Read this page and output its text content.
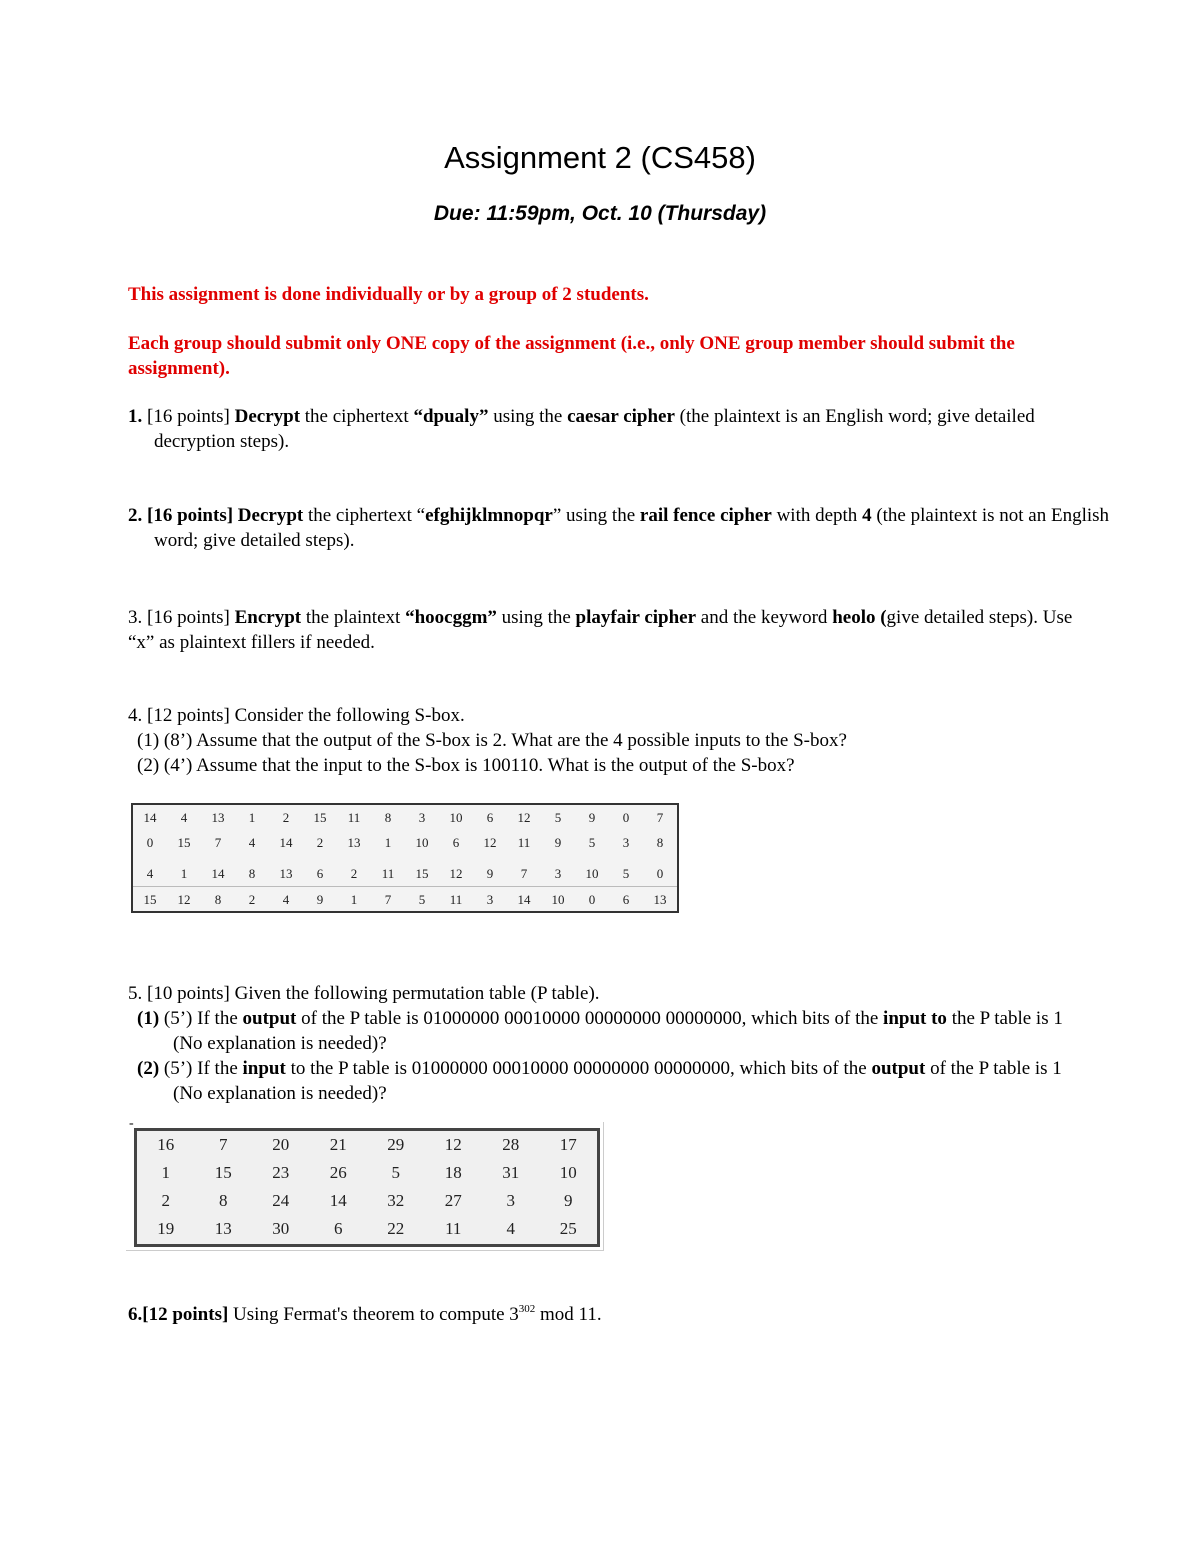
Assignment 2 (CS458)
Due: 11:59pm, Oct. 10 (Thursday)
This assignment is done individually or by a group of 2 students.
Each group should submit only ONE copy of the assignment (i.e., only ONE group member should submit the assignment).
1. [16 points] Decrypt the ciphertext “dpualy” using the caesar cipher (the plaintext is an English word; give detailed decryption steps).
2. [16 points] Decrypt the ciphertext “efghijklmnopqr” using the rail fence cipher with depth 4 (the plaintext is not an English word; give detailed steps).
3. [16 points] Encrypt the plaintext “hoocggm” using the playfair cipher and the keyword heolo (give detailed steps). Use “x” as plaintext fillers if needed.
4. [12 points] Consider the following S-box.
(1) (8’) Assume that the output of the S-box is 2. What are the 4 possible inputs to the S-box?
(2) (4’) Assume that the input to the S-box is 100110. What is the output of the S-box?
14	4	13	1	2	15	11	8	3	10	6	12	5	9	0	7
0	15	7	4	14	2	13	1	10	6	12	11	9	5	3	8
4	1	14	8	13	6	2	11	15	12	9	7	3	10	5	0
15	12	8	2	4	9	1	7	5	11	3	14	10	0	6	13
5. [10 points] Given the following permutation table (P table).
(1) (5’) If the output of the P table is 01000000 00010000 00000000 00000000, which bits of the input to the P table is 1 (No explanation is needed)?
(2) (5’) If the input to the P table is 01000000 00010000 00000000 00000000, which bits of the output of the P table is 1 (No explanation is needed)?
-
16	7	20	21	29	12	28	17
1	15	23	26	5	18	31	10
2	8	24	14	32	27	3	9
19	13	30	6	22	11	4	25
6.[12 points] Using Fermat's theorem to compute $3^{302}$ mod 11.
